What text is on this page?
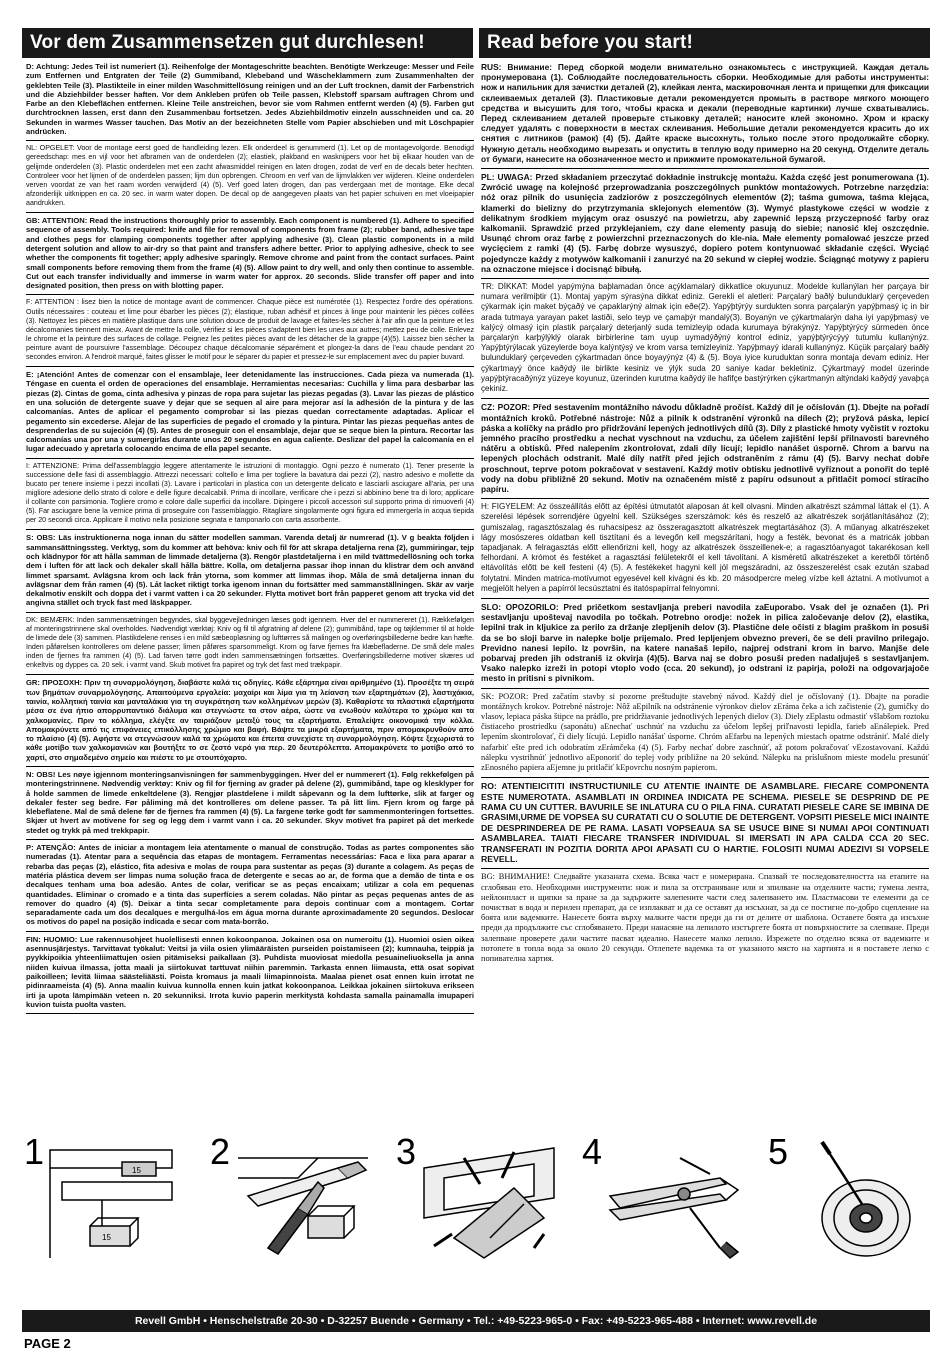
Vor dem Zusammensetzen gut durchlesen!	Read before you start!

D: Achtung: Jedes Teil ist numeriert (1). Reihenfolge der Montageschritte beachten. Benötigte Werkzeuge: Messer und Feile zum Entfernen und Entgraten der Teile (2) Gummiband, Klebeband und Wäscheklammern zum Zusammenhalten der geklebten Teile (3). Plastikteile in einer milden Waschmittellösung reinigen und an der Luft trocknen, damit der Farbenstrich und die Abziehbilder besser haften. Vor dem Ankleben prüfen ob Teile passen, Klebstoff sparsam auftragen Chrom und Farbe an den Klebeflächen entfernen. Kleine Teile anstreichen, bevor sie vom Rahmen entfernt werden (4) (5). Farben gut durchtrocknen lassen, erst dann den Zusammenbau fortsetzen. Jedes Abziehbildmotiv einzeln ausschneiden und ca. 20 Sekunden in warmes Wasser tauchen. Das Motiv an der bezeichneten Stelle vom Papier abschieben und mit Löschpapier andrücken.

NL: OPGELET: Voor de montage eerst goed de handleiding lezen. Elk onderdeel is genummerd (1). Let op de montagevolgorde. Benodigd gereedschap: mes en vijl voor het afbramen van de onderdelen (2); elastiek, plakband en wasknijpers voor het bij elkaar houden van de gelijmde onderdelen (3). Plastic onderdelen met een zacht afwasmiddel reinigen en laten drogen, zodat de verf en de decals beter hechten. Controleer voor het lijmen of de onderdelen passen; lijm dun opbrengen. Chroom en verf van de lijmvlakken ver wijderen. Kleine onderdelen verven voordat ze van het raam worden verwijderd (4) (5). Verf goed laten drogen, dan pas verdergaan met de montage. Elke decal afzonderlijk uitknippen en ca. 20 sec. in warm water dopen. De decal op de aangegeven plaats van het papier schuiven en met vloeipapier aandrukken.

GB: ATTENTION: Read the instructions thoroughly prior to assembly. Each component is numbered (1). Adhere to specified sequence of assembly. Tools required: knife and file for removal of components from frame (2); rubber band, adhesive tape and clothes pegs for clamping components together after applying adhesive (3). Clean plastic components in a mild detergent solution and allow to air-dry so that paint and transfers adhere better. Prior to applying adhesive, check to see whether the components fit together; apply adhesive sparingly. Remove chrome and paint from the contact surfaces. Paint small components before removing them from the frame (4) (5). Allow paint to dry well, and only then continue to assemble. Cut out each transfer individually and immerse in warm water for approx. 20 seconds. Slide transfer off paper and into designated position, then press on with blotting paper.

F: ATTENTION : lisez bien la notice de montage avant de commencer. Chaque pièce est numérotée (1). Respectez l'ordre des opérations. Outils nécessaires : couteau et lime pour ébarber les pièces (2); élastique, ruban adhésif et pinces à linge pour maintenir les pièces collées (3). Nettoyez les pièces en matière plastique dans une solution douce de produit de lavage et faites-les sécher à l'air afin que la peinture et les décalcomanies tiennent mieux. Avant de mettre la colle, vérifiez si les pièces s'adaptent bien les unes aux autres; mettez peu de colle. Enlevez le chrome et la peinture des surfaces de collage. Peignez les petites pièces avant de les détacher de la grappe (4)(5). Laissez bien sécher la peinture avant de poursuivre l'assemblage. Découpez chaque décalcomanie séparément et plongez-la dans de l'eau chaude pendant 20 secondes environ. A l'endroit marqué, faites glisser le motif pour le séparer du papier et pressez-le sur emplacement avec du papier buvard.

E: ¡Atención! Antes de comenzar con el ensamblaje, leer detenidamente las instrucciones. Cada pieza va numerada (1). Téngase en cuenta el orden de operaciones del ensamblaje. Herramientas necesarias: Cuchilla y lima para desbarbar las piezas (2). Cintas de goma, cinta adhesiva y pinzas de ropa para sujetar las piezas pegadas (3). Lavar las piezas de plástico en una solución de detergente suave y dejar que se sequen al aire para mejorar así la adhesión de la pintura y de las calcomanías. Antes de aplicar el pegamento comprobar si las piezas quedan correctamente adaptadas. Aplicar el pegamento sin excederse. Alejar de las superficies de pegado el cromado y la pintura. Pintar las piezas pequeñas antes de desprenderlas de su sujeción (4) (5). Antes de proseguir con el ensamblaje, dejar que se seque bien la pintura. Recortar las calcomanías una por una y sumergirlas durante unos 20 segundos en agua caliente. Deslizar del papel la calcomanía en el lugar adecuado y apretarla colocando encima de ella papel secante.

I: ATTENZIONE: Prima dell'assemblaggio leggere attentamente le istruzioni di montaggio. Ogni pezzo è numerato (1). Tener presente la successione delle fasi di assemblaggio. Attrezzi necessari: coltello e lima per togliere la bavatura dai pezzi (2), nastro adesivo e mollette da bucato per tenere insieme i pezzi incollati (3). Lavare i particolari in plastica con un detergente delicato e lasciarli asciugare all'aria, per una migliore adesione dello strato di colore e delle figure decalcabili. Prima di incollare, verificare che i pezzi si abbinino bene tra di loro; applicare il collante con parsimonia. Togliere cromo e colore dalle superfici da incollare. Dipingere i piccoli accessori sul supporto prima di rimuoverli (4) (5). Far asciugare bene la vernice prima di proseguire con l'assemblaggio. Ritagliare singolarmente ogni figura ed immergerla in acqua tiepida per 20 secondi circa. Applicare il motivo nella posizione segnata e tamponarlo con carta assorbente.

S: OBS: Läs instruktionerna noga innan du sätter modellen samman. Varenda detalj är numrerad (1). V g beakta följden i sammansättningssteg. Verktyg, som du kommer att behöva: kniv och fil för att skrapa detaljerna rena (2), gummiringar, tejp och klädnypor för att hålla samman de limmade detaljerna (3). Rengör plastdetaljerna i en mild tvättmedellösning och torka dem i luften för att lack och dekaler skall hålla bättre. Kolla, om detaljerna passar ihop innan du klistrar dem och använd limmet sparsamt. Avlägsna krom och lack från ytorna, som kommer att limmas ihop. Måla de små detaljerna innan du avlägsnar dem från ramen (4) (5). Låt lacket riktigt torka igenom innan du fortsätter med sammanställningen. Skär av varje dekalmotiv enskilt och doppa det i varmt vatten i ca 20 sekunder. Flytta motivet bort från papperet genom att trycka vid det angivna stället och tryck fast med läskpapper.

DK: BEMÆRK: Inden sammensætningen begyndes, skal byggevejledningen læses godt igennem. Hver del er nummereret (1). Rækkefølgen af monteringstrinnene skal overholdes. Nødvendigt værktøj: Kniv og fil til afgratning af delene (2); gummibånd, tape og tøjklemmer til at holde de limede dele (3) sammen. Plastikdelene renses i en mild sæbeopløsning og lufttørres så malingen og overføringsbillederne bedre kan hæfte. Inden påførelsen kontrolleres om delene passer; limen påføres sparsommeligt. Krom og farve fjernes fra klæbefladerne. De små dele males inden de fjernes fra rammen (4) (5). Lad farven tørre godt inden sammensætningen fortsættes. Overføringsbillederne motiver skæres ud enkeltvis og dyppes ca. 20 sek. i varmt vand. Skub motivet fra papiret og tryk det fast med trækpapir.

GR: ΠΡΟΣΟΧΗ: Πριν τη συναρμολόγηση, διαβάστε καλά τις οδηγίες. Κάθε εξάρτημα είναι αριθμημένο (1). Προσέξτε τη σειρά των βημάτων συναρμολόγησης. Απαιτούμενα εργαλεία: μαχαίρι και λίμα για τη λείανση των εξαρτημάτων (2), λαστιχάκια, ταινία, κολλητική ταινία και μανταλάκια για τη συγκράτηση των κολλημένων μερών (3). Καθαρίστε τα πλαστικά εξαρτήματα μέσα σε ένα ήπιο απορρυπαντικό διάλυμα και στεγνώστε τα στον αέρα, ώστε να ενωθούν καλύτερα το χρώμα και τα χαλκομανίες. Πριν το κόλλημα, ελέγξτε αν ταιριάζουν μεταξύ τους τα εξαρτήματα. Επαλείψτε οικονομικά την κόλλα. Απομακρύνετε από τις επιφάνειες επικόλλησης χρώμιο και βαφή. Βάψτε τα μικρά εξαρτήματα, πριν απομακρυνθούν από το πλαίσιο (4) (5). Αφήστε να στεγνώσουν καλά τα χρώματα και έπειτα συνεχίστε τη συναρμολόγηση. Κόψτε ξεχωριστά το κάθε μοτίβο των χαλκομανιών και βουτήξτε το σε ζεστό νερό για περ. 20 δευτερόλεπτα. Απομακρύνετε το μοτίβο από το χαρτί, στο σημαδεμένο σημείο και πιέστε το με στουπόχαρτο.

N: OBS! Les nøye igjennom monteringsanvisningen før sammenbyggingen. Hver del er nummerert (1). Følg rekkefølgen på monteringstrinnene. Nødvendig verktøy: Kniv og fil for fjerning av grader på delene (2), gummibånd, tape og klesklyper for å holde sammen de limede enkeltdelene (3). Rengjør plastdelene i mildt såpevann og la dem lufttørke, slik at farger og dekaler fester seg bedre. Før påliming må det kontrolleres om delene passer. Ta på litt lim. Fjern krom og farge på klebeflatene. Mal de små delene før de fjernes fra rammen (4) (5). La fargene tørke godt før sammenmonteringen fortsettes. Skjær ut hvert av motivene for seg og legg dem i varmt vann i ca. 20 sekunder. Skyv motivet fra papiret på det merkede stedet og trykk på med trekkpapir.

P: ATENÇÃO: Antes de iniciar a montagem leia atentamente o manual de construção. Todas as partes componentes são numeradas (1). Atentar para a sequência das etapas de montagem. Ferramentas necessárias: Faca e lixa para aparar a rebarba das peças (2), elástico, fita adesiva e molas de roupa para sustentar as peças (3) durante a colagem. As peças de matéria plástica devem ser limpas numa solução fraca de detergente e secas ao ar, de forma que a demão de tinta e os decalques tenham uma boa adesão. Antes de colar, verificar se as peças encaixam; utilizar a cola em pequenas quantidades. Eliminar o cromado e a tinta das superfícies a serem coladas. Não pintar as peças pequenas antes de as remover do quadro (4) (5). Deixar a tinta secar completamente para depois continuar com a montagem. Cortar separadamente cada um dos decalques e mergulhá-los em água morna durante aproximadamente 20 segundos. Deslocar os motivos do papel na posição indicada e secar com mata-borrão.

FIN: HUOMIO: Lue rakennusohjeet huolellisesti ennen kokoonpanoa. Jokainen osa on numeroitu (1). Huomioi osien oikea asennusjärjestys. Tarvittavat työkalut: Veitsi ja viila osien ylimääräisten purseiden poistamiseen (2); kumnauha, teippiä ja pyykkipoikia yhteenliimattujen osien pitämiseksi paikallaan (3). Puhdista muoviosat miedolla pesuaineliuoksella ja anna niiden kuivua ilmassa, jotta maali ja siirtokuvat tarttuvat niihin paremmin. Tarkasta ennen liimausta, että osat sopivat paikoilleen; levitä liimaa säästeliäästi. Poista kromaus ja maali liimapinnoista. Maalaa pienet osat ennen kuin irrotat ne pidinraameista (4) (5). Anna maalin kuivua kunnolla ennen kuin jatkat kokoonpanoa. Leikkaa jokainen siirtokuva erikseen irti ja upota lämpimään veteen n. 20 sekunniksi. Irrota kuvio paperin merkitystä kohdasta samalla painamalla imupaperi kuvion tuista puolta vasten.

RUS: Внимание: Перед сборкой модели внимательно ознакомьтесь с инструкцией. Каждая деталь пронумерована (1). Соблюдайте последовательность сборки. Необходимые для работы инструменты: нож и напильник для зачистки деталей (2), клейкая лента, маскировочная лента и прищепки для фиксации склеиваемых деталей (3). Пластиковые детали рекомендуется промыть в растворе мягкого моющего средства и высушить для того, чтобы краска и декали (переводные картинки) лучше схватывались. Перед склеиванием деталей проверьте стыковку деталей; наносите клей экономно. Хром и краску следует удалять с поверхности в местах склеивания. Небольшие детали рекомендуется красить до их снятия с литников (рамок) (4) (5). Дайте краске высохнуть, только после этого продолжайте сборку. Нужную деталь необходимо вырезать и опустить в теплую воду примерно на 20 секунд. Отделите деталь от бумаги, нанесите на обозначенное место и прижмите промокательной бумагой.

PL: UWAGA: Przed składaniem przeczytać dokładnie instrukcję montażu. Każda część jest ponumerowana (1). Zwrócić uwagę na kolejność przeprowadzania poszczególnych punktów montażowych. Potrzebne narzędzia: nóż oraz pilnik do usunięcia zadziorów z poszczególnych elementów (2); taśma gumowa, taśma klejąca, klamerki do bielizny do przytrzymania sklejonych elementów (3). Wymyć plastykowe części w wodzie z delikatnym środkiem myjącym oraz osuszyć na powietrzu, aby zapewnić lepszą przyczepność farby oraz kalkomanii. Sprawdzić przed przyklejaniem, czy dane elementy pasują do siebie; nanosić klej oszczędnie. Usunąć chrom oraz farbę z powierzchni przeznaczonych do kle-nia. Małe elementy pomalować jeszcze przed wycięciem z ramki (4) (5). Farbę dobrze wysuszyć, dopiero potem kontynuować składanie części. Wyciąć pojedyncze każdy z motywów kalkomanii i zanurzyć na 20 sekund w ciepłej wodzie. Ściągnąć motywy z papieru na oznaczone miejsce i docisnąć bibułą.

TR: DİKKAT: Model yapýmýna baþlamadan önce açýklamalarý dikkatlice okuyunuz. Modelde kullanýlan her parçaya bir numara verilmiþtir (1). Montaj yapým sýrasýna dikkat ediniz. Gerekli el aletleri: Parçalarý baðlý bulunduklarý çerçeveden çýkarmak için maket býçaðý ve çapaklarýný almak için eðe(2). Yapýþtýrýy surdukten sonra parçalarýn yapýþmasý iç in bir arada tutmaya yarayan paket lastiði, selo teyp ve çamaþýr mandalý(3). Boyanýn ve çýkartmalarýn daha iyi yapýþmasý ve kalýcý olmasý için plastik parçalarý deterjanlý suda temizleyip odada kurumaya býrakýnýz. Yapýþtýrýcý sürmeden önce parçalarýn karþýlýklý olarak birbirlerine tam uyup uymadýðýný kontrol ediniz, yapýþtýrýcýyý tutumlu kullanýnýz. Yapýþtýrýlacak yüzeylerde boya kalýntýsý ve krom varsa temizleyiniz. Yapýþmayý idarali kullanýnýz. Küçük parçalarý baðlý bulunduklarý çerçeveden çýkartmadan önce boyayýnýz (4) & (5). Boya iyice kuruduktan sonra montaja devam ediniz. Her çýkartmayý önce kaðýdý ile birlikte kesiniz ve ýlýk suda 20 saniye kadar bekletiniz. Çýkartmayý model üzerinde yapýþtýracaðýnýz yüzeye koyunuz, üzerinden kurutma kaðýdý ile hafifçe bastýrýrken çýkartmanýn altýndaki kaðýdý yavaþça çekiniz.

CZ: POZOR: Před sestavením montážního návodu důkladně pročíst. Každý díl je očíslován (1). Dbejte na pořadí montážních kroků. Potřebné nástroje: Nůž a pilník k odstranění výronků na dílech (2); pryžová páska, lepicí páska a kolíčky na prádlo pro přidržování lepených jednotlivých dílů (3). Díly z plastické hmoty vyčistit v roztoku jemného pracího prostředku a nechat vyschnout na vzduchu, za účelem zajištění lepší přilnavosti barevného nátěru a obtisků. Před nalepením zkontrolovat, zdali díly lícují; lepidlo nanášet úsporně. Chrom a barvu na lepených plochách odstranit. Malé díly natřít před jejich odstraněním z rámu (4) (5). Barvy nechat dobře proschnout, teprve potom pokračovat v sestavení. Každý motiv obtisku jednotlivě vyříznout a ponořit do teplé vody na dobu přibližně 20 sekund. Motiv na označeném místě z papíru odsunout a přitlačit pomocí stíracího papíru.

H: FIGYELEM: Az összeállítás előtt az építési útmutatót alaposan át kell olvasni. Minden alkatrészt számmal láttak el (1). A szerelési lépések sorrendjére ügyelni kell. Szükséges szerszámok: kés és reszelő az alkatrészek sorjátlanításához (2); gumiszalag, ragasztószalag és ruhacsipesz az összeragasztott alkatrészek megtartásához (3). A műanyag alkatrészeket lágy mosószeres oldatban kell tisztítani és a levegőn kell megszárítani, hogy a festék, bevonat és a matricák jobban tapadjanak. A felragasztás előtt ellenőrizni kell, hogy az alkatrészek összeillenek-e; a ragasztóanyagot takarékosan kell felhordani. A krómot és festéket a ragasztási felületekről el kell távolítani. A kisméretű alkatrészeket a keretből történő eltávolítás előtt be kell festeni (4) (5). A festékeket hagyni kell jól megszáradni, az összeszerelést csak ezután szabad folytatni. Minden matrica-motívumot egyesével kell kivágni és kb. 20 másodpercre meleg vízbe kell áztatni. A motívumot a megjelölt helyen a papírról lecsúsztatni és itatóspapírral felnyomni.

SLO: OPOZORILO: Pred pričetkom sestavljanja preberi navodila zaEuporabo. Vsak del je označen (1). Pri sestavljanju upoštevaj navodila po točkah. Potrebno orodje: nožek in pilica zaločevanje delov (2), elastika, lepilni trak in kljukice za perilo za držanje zlepljenih delov (3). Plastične dele očisti z blagim praškom in posuši da se bo sloji barve in nalepke bolje prijemalo. Pred lepljenjem obvezno preveri, če se deli pravilno prilegajo. Previdno nanesi lepilo. Iz površin, na katere nanašaš lepilo, najprej odstrani krom in barvo. Manjše dele pobarvaj preden jih odstraniš iz okvirja (4)(5). Barva naj se dobro posuši preden nadaljuješ s sestavljanjem. Vsako nalepko izreži in potopi vtoplo vodo (cca. 20 sekund), jo odstrani iz papirja, položi na odgovarjajoče mesto in pritisni s pivnikom.

SK: POZOR: Pred začatím stavby si pozorne preštudujte stavebný návod. Každý diel je očíslovaný (1). Dbajte na poradie montážnych krokov. Potrebné nástroje: Nôž aEpilník na odstránenie výronkov dielov zEráma čeka a ich začistenie (2), gumičky do vlasov, lepiaca páska štipce na prádlo, pre pridržiavanie jednotlivých lepených dielov (3). Diely zEplastu odmastiť všlabšom roztoku čistiaceho prostriedku (saponátu) aEnechať uschnúť na vzduchu za účelom lepšej priľnavosti lepidla, farieb aEnálepiek. Pred lepením skontrolovať, či diely lícujú. Lepidlo nanášať úsporne. Chróm aEfarbu na lepených miestach opatrne odstrániť. Malé diely nafarbiť ešte pred ich odobratím zErámčeka (4) (5). Farby nechať dobre zaschnúť, až potom pokračovať vEzostavovaní. Každú nálepku vystrihnúť jednotlivo aEponoriť do teplej vody približne na 20 sekúnd. Nálepku na príslušnom mieste modelu presunúť zEnosného papiera aEjemne ju pritlačiť kEpovrchu nosným papierom.

RO: ATENTIEICITITI INSTRUCTIUNILE CU ATENTIE INAINTE DE ASAMBLARE. FIECARE COMPONENTA ESTE NUMEROTATA. ASAMBLATI IN ORDINEA INDICATA PE SCHEMA. PIESELE SE DESPRIND DE PE RAMA CU UN CUTTER. BAVURILE SE INLATURA CU O PILA FINA. CURATATI PIESELE CARE SE IMBINA DE GRASIMI,URME DE VOPSEA SU CURATATI CU O SOLUTIE DE DETERGENT. VOPSITI PIESELE MICI INAINTE DE DESPRINDEREA DE PE RAMA. LASATI VOPSEAUA SA SE USUCE BINE SI NUMAI APOI CONTINUATI ASAMBLAREA. TAIATI FIECARE TRANSFER INDIVIDUAL SI IMERSATI IN APA CALDA CCA 20 SEC. TRANSFERATI IN POZITIA DORITA APOI APASATI CU O HARTIE. FOLOSITI NUMAI ADEZIVI SI VOPSELE REVELL.

BG: ВНИМАНИЕ! Следвайте указаната схема. Всяка част е номерирана. Спазвай те последователността на етапите на сглобяван ето. Необходими инструменти: нож и пила за отстраняване или и зпилване на отделните части; гумена лента, нейлонпласт и щипки за пране за да задържите залепените части след залепването им. Пластмасови те елементи да се почистват в вода и перилен препарат, да се изплакват и да се оставят да изсъхнат, за да се постигне по-добро сцепление на боята или вадемките. Нанесете боята върху малките части преди да ги от делите от шаблона. Оставете боята да изсъхне преди да продължите със сглобяването. Преди нанасяне на лепилото изстъргете боята от повърхностите за слепване. Преди залепване проверете дали частите пасват идеално. Нанесете малко лепило. Изрежете по отделно всяка от вадемките и потопете в топла вода за около 20 секунди. Отлепете вадемка та от указаното място на хартията и я поставете легко с попивателна хартия.

1	15
15
2	3	4	5
Revell GmbH • Henschelstraße 20-30 • D-32257 Buende • Germany • Tel.: +49-5223-965-0 • Fax: +49-5223-965-488 • Internet: www.revell.de
PAGE 2
